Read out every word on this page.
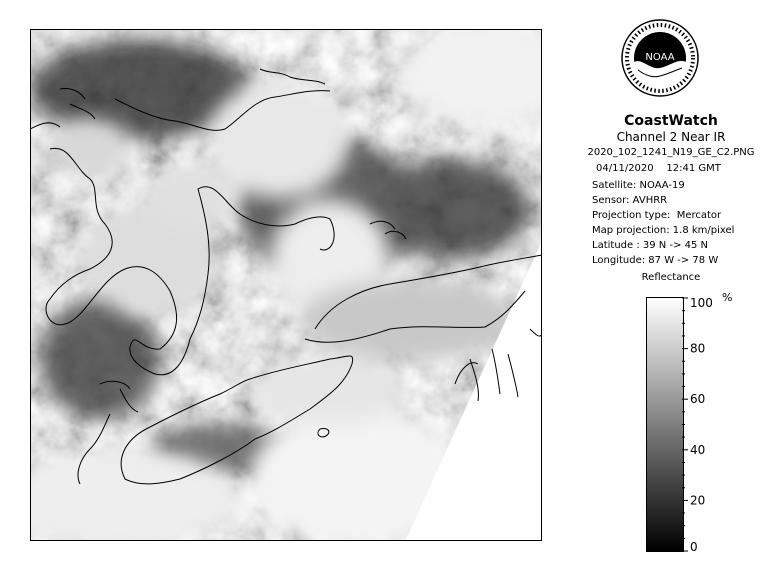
NOAA
CoastWatch
Channel 2 Near IR
2020_102_1241_N19_GE_C2.PNG
04/11/2020 12:41 GMT
Satellite: NOAA-19
Sensor: AVHRR
Projection type: Mercator
Map projection: 1.8 km/pixel
Latitude : 39 N -> 45 N
Longitude: 87 W -> 78 W
Reflectance
%
0
20
40
60
80
100
